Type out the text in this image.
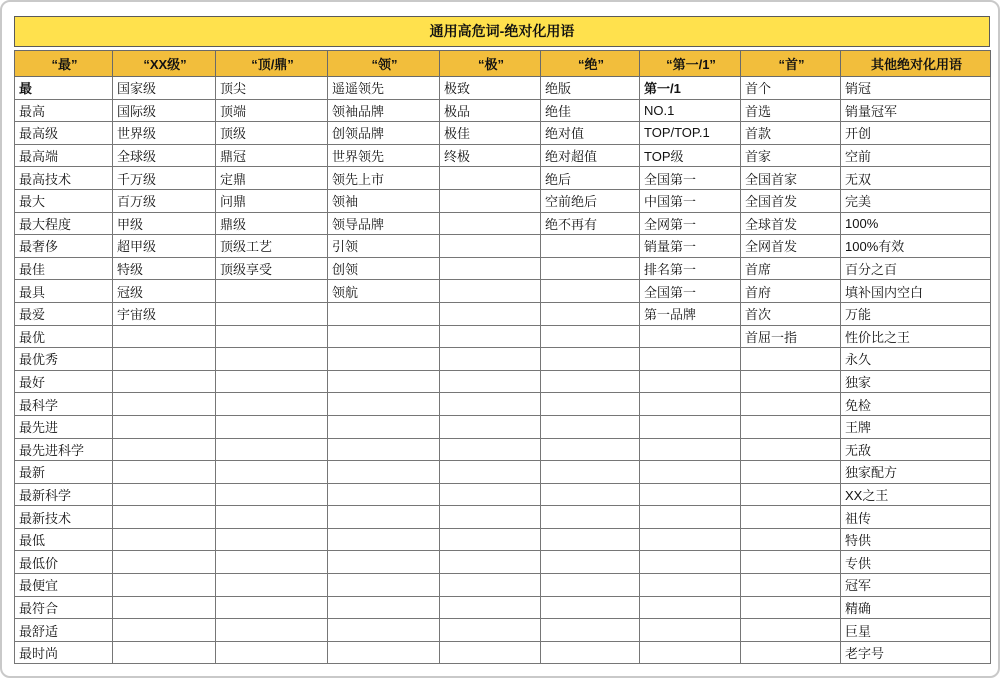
通用高危词-绝对化用语
“最”	“XX级”	“顶/鼎”	“领”	“极”	“绝”	“第一/1”	“首”	其他绝对化用语
最	国家级	顶尖	遥遥领先	极致	绝版	第一/1	首个	销冠
最高	国际级	顶端	领袖品牌	极品	绝佳	NO.1	首选	销量冠军
最高级	世界级	顶级	创领品牌	极佳	绝对值	TOP/TOP.1	首款	开创
最高端	全球级	鼎冠	世界领先	终极	绝对超值	TOP级	首家	空前
最高技术	千万级	定鼎	领先上市		绝后	全国第一	全国首家	无双
最大	百万级	问鼎	领袖		空前绝后	中国第一	全国首发	完美
最大程度	甲级	鼎级	领导品牌		绝不再有	全网第一	全球首发	100%
最奢侈	超甲级	顶级工艺	引领			销量第一	全网首发	100%有效
最佳	特级	顶级享受	创领			排名第一	首席	百分之百
最具	冠级		领航			全国第一	首府	填补国内空白
最爱	宇宙级					第一品牌	首次	万能
最优							首屈一指	性价比之王
最优秀								永久
最好								独家
最科学								免检
最先进								王牌
最先进科学								无敌
最新								独家配方
最新科学								XX之王
最新技术								祖传
最低								特供
最低价								专供
最便宜								冠军
最符合								精确
最舒适								巨星
最时尚								老字号
